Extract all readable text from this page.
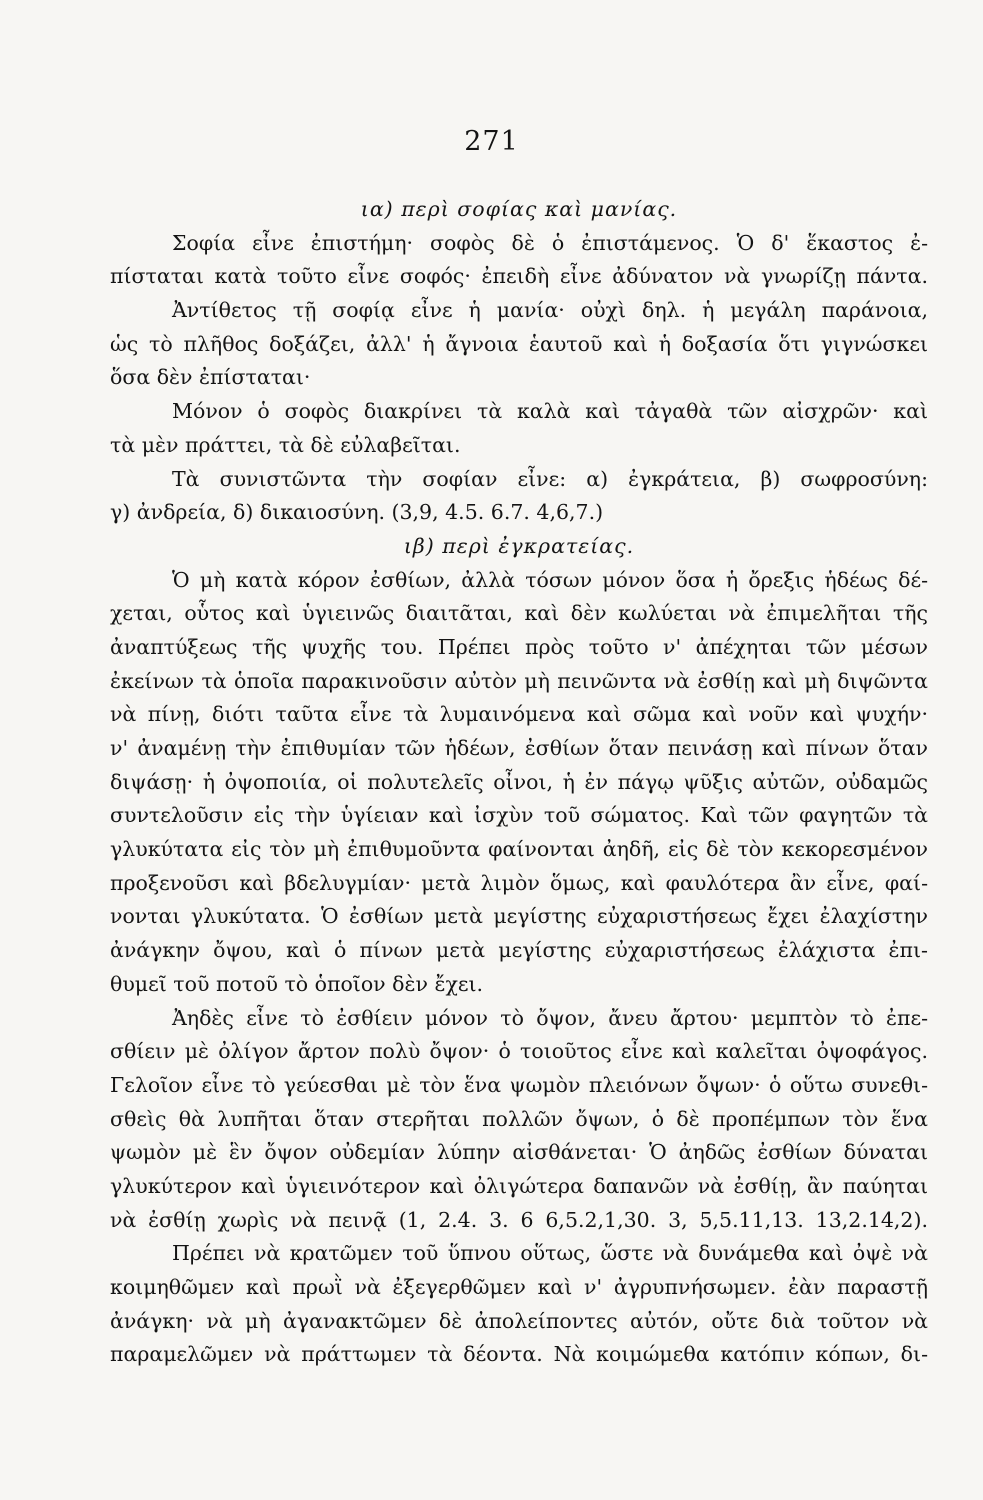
271
ια) περὶ σοφίας καὶ μανίας.
Σοφία εἶνε ἐπιστήμη· σοφὸς δὲ ὁ ἐπιστάμενος. Ὁ δ' ἕκαστος ἐ-
πίσταται κατὰ τοῦτο εἶνε σοφός· ἐπειδὴ εἶνε ἀδύνατον νὰ γνωρίζῃ πάντα.
Ἀντίθετος τῇ σοφίᾳ εἶνε ἡ μανία· οὐχὶ δηλ. ἡ μεγάλη παράνοια,
ὡς τὸ πλῆθος δοξάζει, ἀλλ' ἡ ἄγνοια ἑαυτοῦ καὶ ἡ δοξασία ὅτι γιγνώσκει
ὅσα δὲν ἐπίσταται·
Μόνον ὁ σοφὸς διακρίνει τὰ καλὰ καὶ τἀγαθὰ τῶν αἰσχρῶν· καὶ
τὰ μὲν πράττει, τὰ δὲ εὐλαβεῖται.
Τὰ συνιστῶντα τὴν σοφίαν εἶνε: α) ἐγκράτεια, β) σωφροσύνη:
γ) ἀνδρεία, δ) δικαιοσύνη. (3,9, 4.5. 6.7. 4,6,7.)
ιβ) περὶ ἐγκρατείας.
Ὁ μὴ κατὰ κόρον ἐσθίων, ἀλλὰ τόσων μόνον ὅσα ἡ ὄρεξις ἡδέως δέ-
χεται, οὗτος καὶ ὑγιεινῶς διαιτᾶται, καὶ δὲν κωλύεται νὰ ἐπιμελῆται τῆς
ἀναπτύξεως τῆς ψυχῆς του. Πρέπει πρὸς τοῦτο ν' ἀπέχηται τῶν μέσων
ἐκείνων τὰ ὁποῖα παρακινοῦσιν αὐτὸν μὴ πεινῶντα νὰ ἐσθίῃ καὶ μὴ διψῶντα
νὰ πίνῃ, διότι ταῦτα εἶνε τὰ λυμαινόμενα καὶ σῶμα καὶ νοῦν καὶ ψυχήν·
ν' ἀναμένῃ τὴν ἐπιθυμίαν τῶν ἡδέων, ἐσθίων ὅταν πεινάσῃ καὶ πίνων ὅταν
διψάσῃ· ἡ ὀψοποιία, οἱ πολυτελεῖς οἶνοι, ἡ ἐν πάγῳ ψῦξις αὐτῶν, οὐδαμῶς
συντελοῦσιν εἰς τὴν ὑγίειαν καὶ ἰσχὺν τοῦ σώματος. Καὶ τῶν φαγητῶν τὰ
γλυκύτατα εἰς τὸν μὴ ἐπιθυμοῦντα φαίνονται ἀηδῆ, εἰς δὲ τὸν κεκορεσμένον
προξενοῦσι καὶ βδελυγμίαν· μετὰ λιμὸν ὅμως, καὶ φαυλότερα ἂν εἶνε, φαί-
νονται γλυκύτατα. Ὁ ἐσθίων μετὰ μεγίστης εὐχαριστήσεως ἔχει ἐλαχίστην
ἀνάγκην ὄψου, καὶ ὁ πίνων μετὰ μεγίστης εὐχαριστήσεως ἐλάχιστα ἐπι-
θυμεῖ τοῦ ποτοῦ τὸ ὁποῖον δὲν ἔχει.
Ἀηδὲς εἶνε τὸ ἐσθίειν μόνον τὸ ὄψον, ἄνευ ἄρτου· μεμπτὸν τὸ ἐπε-
σθίειν μὲ ὀλίγον ἄρτον πολὺ ὄψον· ὁ τοιοῦτος εἶνε καὶ καλεῖται ὀψοφάγος.
Γελοῖον εἶνε τὸ γεύεσθαι μὲ τὸν ἕνα ψωμὸν πλειόνων ὄψων· ὁ οὕτω συνεθι-
σθεὶς θὰ λυπῆται ὅταν στερῆται πολλῶν ὄψων, ὁ δὲ προπέμπων τὸν ἕνα
ψωμὸν μὲ ἓν ὄψον οὐδεμίαν λύπην αἰσθάνεται· Ὁ ἀηδῶς ἐσθίων δύναται
γλυκύτερον καὶ ὑγιεινότερον καὶ ὀλιγώτερα δαπανῶν νὰ ἐσθίῃ, ἂν παύηται
νὰ ἐσθίῃ χωρὶς νὰ πεινᾷ (1, 2.4. 3. 6 6,5.2,1,30. 3, 5,5.11,13. 13,2.14,2).
Πρέπει νὰ κρατῶμεν τοῦ ὕπνου οὕτως, ὥστε νὰ δυνάμεθα καὶ ὀψὲ νὰ
κοιμηθῶμεν καὶ πρωῒ νὰ ἐξεγερθῶμεν καὶ ν' ἀγρυπνήσωμεν. ἐὰν παραστῇ
ἀνάγκη· νὰ μὴ ἀγανακτῶμεν δὲ ἀπολείποντες αὐτόν, οὔτε διὰ τοῦτον νὰ
παραμελῶμεν νὰ πράττωμεν τὰ δέοντα. Νὰ κοιμώμεθα κατόπιν κόπων, δι-
